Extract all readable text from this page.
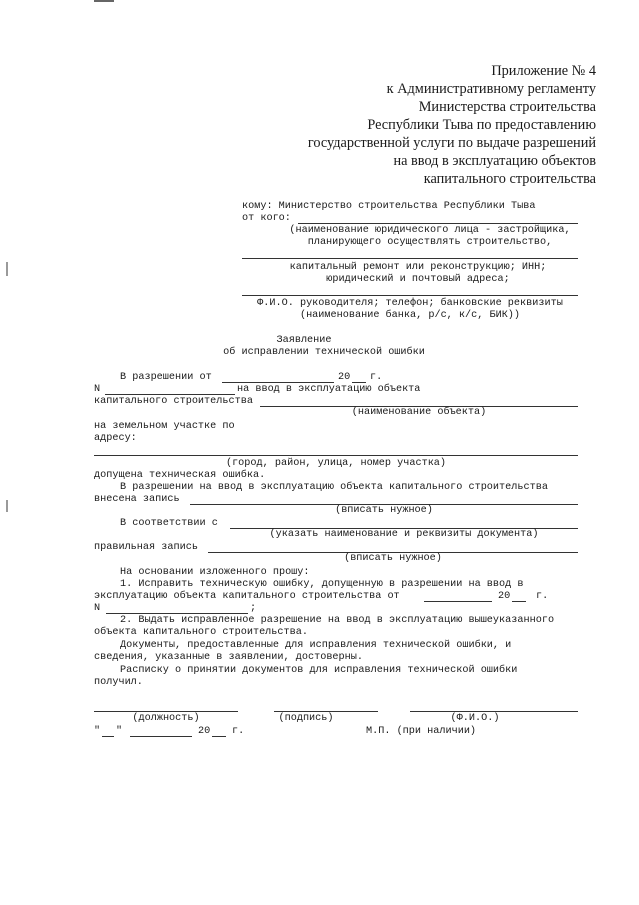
Приложение № 4
к Административному регламенту
Министерства строительства
Республики Тыва по предоставлению
государственной услуги по выдаче разрешений
на ввод в эксплуатацию объектов
капитального строительства
кому: Министерство строительства Республики Тыва
от кого:
(наименование юридического лица - застройщика,
планирующего осуществлять строительство,
капитальный ремонт или реконструкцию; ИНН;
юридический и почтовый адреса;
Ф.И.О. руководителя; телефон; банковские реквизиты
(наименование банка, р/с, к/с, БИК))
Заявление
об исправлении технической ошибки
В разрешении от	20 г.
N	на ввод в эксплуатацию объекта
капитального строительства
(наименование объекта)
на земельном участке по
адресу:
(город, район, улица, номер участка)
допущена техническая ошибка.
В разрешении на ввод в эксплуатацию объекта капитального строительства
внесена запись
(вписать нужное)
В соответствии с
(указать наименование и реквизиты документа)
правильная запись
(вписать нужное)
На основании изложенного прошу:
1. Исправить техническую ошибку, допущенную в разрешении на ввод в
эксплуатацию объекта капитального строительства от	20	г.
N	;
2. Выдать исправленное разрешение на ввод в эксплуатацию вышеуказанного
объекта капитального строительства.
Документы, предоставленные для исправления технической ошибки, и
сведения, указанные в заявлении, достоверны.
Расписку о принятии документов для исправления технической ошибки
получил.
(должность)	(подпись)	(Ф.И.О.)
" "	20 г.	М.П. (при наличии)
